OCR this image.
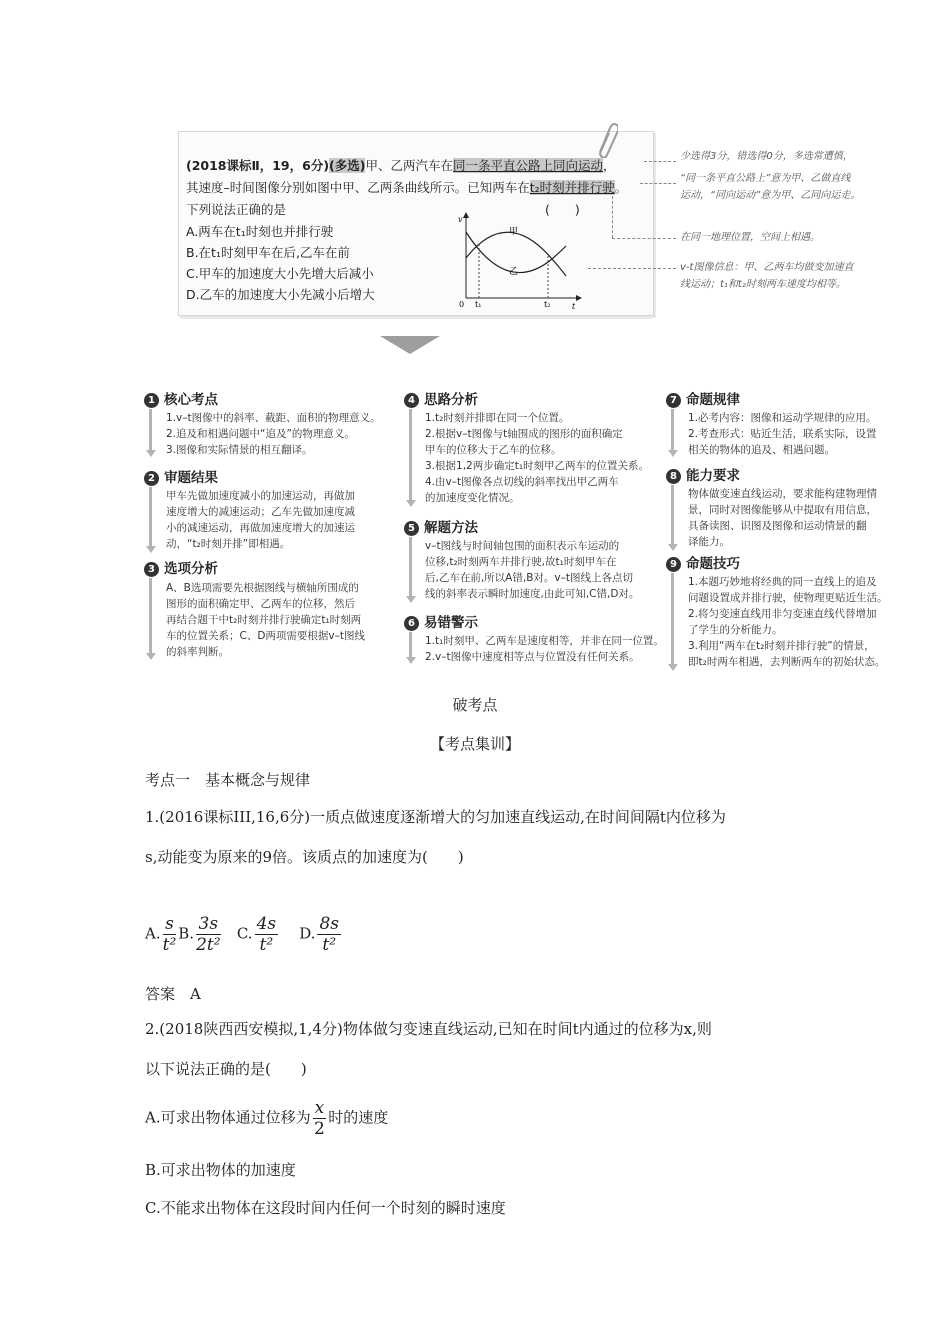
(2018课标Ⅱ，19，6分)(多选)甲、乙两汽车在同一条平直公路上同向运动，
其速度–时间图像分别如图中甲、乙两条曲线所示。已知两车在t₂时刻并排行驶。
下列说法正确的是	(　　)
A.两车在t₁时刻也并排行驶
B.在t₁时刻甲车在后,乙车在前
C.甲车的加速度大小先增大后减小
D.乙车的加速度大小先减小后增大
v
t
0 t₁	t₂
甲
乙
少选得3分，错选得0分，多选常遭慎，
“同一条平直公路上”意为甲、乙做直线
运动，“同向运动”意为甲、乙同向运走。
在同一地理位置，空间上相遇。
v-t图像信息：甲、乙两车均做变加速直
线运动；t₁和t₂时刻两车速度均相等。
1 核心考点

1.v–t图像中的斜率、截距、面积的物理意义。

2.追及和相遇问题中“追及”的物理意义。

3.图像和实际情景的相互翻译。

2 审题结果

甲车先做加速度减小的加速运动，再做加

速度增大的减速运动；乙车先做加速度减

小的减速运动，再做加速度增大的加速运

动，“t₂时刻并排”即相遇。

3 选项分析

A、B选项需要先根据图线与横轴所围成的

图形的面积确定甲、乙两车的位移，然后

再结合题干中t₂时刻并排行驶确定t₁时刻两

车的位置关系；C、D两项需要根据v–t图线

的斜率判断。

4 思路分析

1.t₂时刻并排即在同一个位置。

2.根据v–t图像与t轴围成的图形的面积确定

甲车的位移大于乙车的位移。

3.根据1,2两步确定t₁时刻甲乙两车的位置关系。

4.由v–t图像各点切线的斜率找出甲乙两车

的加速度变化情况。

5 解题方法

v–t图线与时间轴包围的面积表示车运动的

位移,t₂时刻两车并排行驶,故t₁时刻甲车在

后,乙车在前,所以A错,B对。v–t图线上各点切

线的斜率表示瞬时加速度,由此可知,C错,D对。

6 易错警示

1.t₁时刻甲、乙两车是速度相等，并非在同一位置。

2.v–t图像中速度相等点与位置没有任何关系。

7 命题规律

1.必考内容：图像和运动学规律的应用。

2.考查形式：贴近生活，联系实际，设置

相关的物体的追及、相遇问题。

8 能力要求

物体做变速直线运动，要求能构建物理情

景，同时对图像能够从中提取有用信息，

具备读图、识图及图像和运动情景的翻

译能力。

9 命题技巧

1.本题巧妙地将经典的同一直线上的追及

问题设置成并排行驶，使物理更贴近生活。

2.将匀变速直线用非匀变速直线代替增加

了学生的分析能力。

3.利用“两车在t₂时刻并排行驶”的情景，

即t₂时两车相遇，去判断两车的初始状态。

破考点
【考点集训】
考点一　基本概念与规律
1.(2016课标III,16,6分)一质点做速度逐渐增大的匀加速直线运动,在时间间隔t内位移为
s,动能变为原来的9倍。该质点的加速度为(　　)
A. $\frac{s}{\text{t²}} B$. $\frac{3s}{\text{2t²}} C$. $\frac{4s}{\text{t²}} D$. $\frac{8s}{\text{t²}}$
答案　A
2.(2018陕西西安模拟,1,4分)物体做匀变速直线运动,已知在时间t内通过的位移为x,则
以下说法正确的是(　　)
A.可求出物体通过位移为 $\frac{x}{2}$ 时的速度
B.可求出物体的加速度
C.不能求出物体在这段时间内任何一个时刻的瞬时速度
